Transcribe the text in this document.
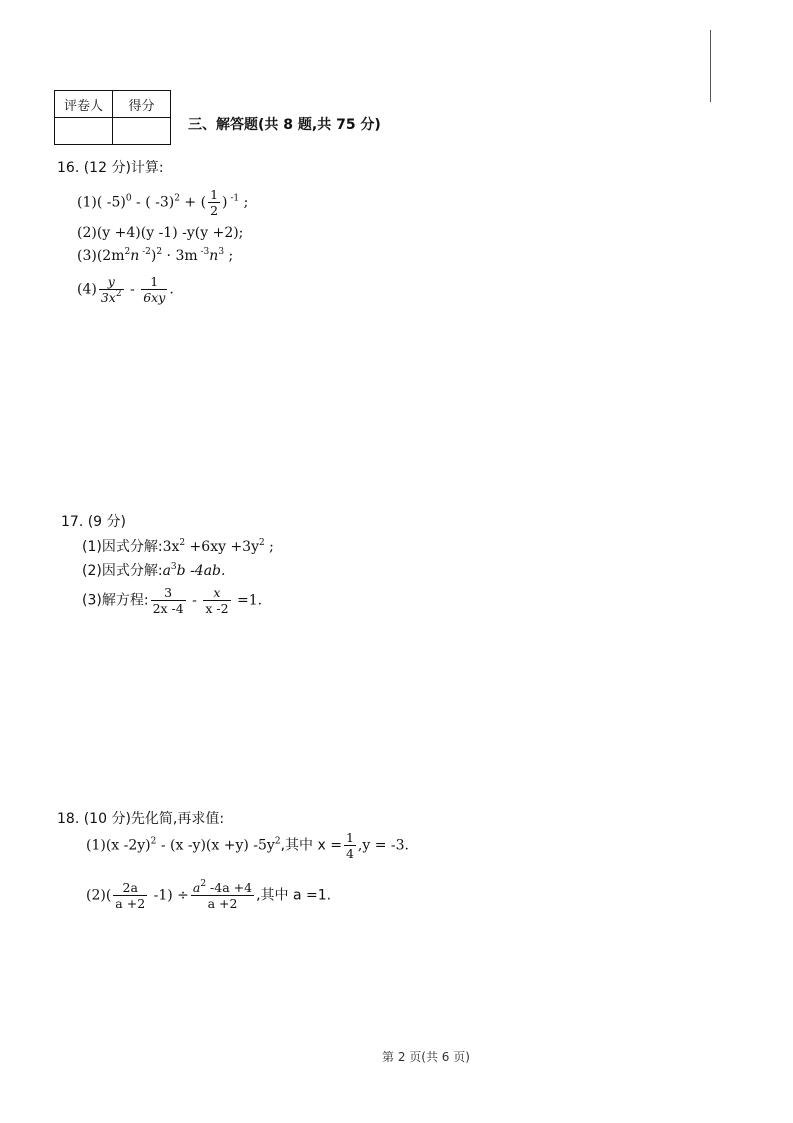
评卷人	得分

三、解答题(共 8 题,共 75 分)
16. (12 分)计算:
(1)( -5)$^0$ - ( -3)$^2$ + ( $\frac{1}{2}$ ) $^{-1}$ ;
(2)(y +4)(y -1) -y(y +2);
$(3)(2m^2n$ $^{-2}$)$^2$ · 3m $^{-3}n^3$ ;
$(4) \frac{y}{3x^2} - \frac{1}{6xy}$ .
17. (9 分)
(1)因式分解$:3x^2 +6xy +3y^2$ ;
(2)因式分解$:a^3b$ -4ab.
(3)解方程: $\frac{3}{2x -4} - \frac{x}{x -2} =1$.
18. (10 分)先化简,再求值:
(1)(x -2y)$^2$ - (x -y)(x +y) $-5y^2$,其中 $x = \frac{1}{4} ,y = -3$.
$(2)( \frac{2a}{a +2} -1) \div \frac{a^2 -4a +4}{a +2}$ ,其中 a =1.
第 2 页(共 6 页)
